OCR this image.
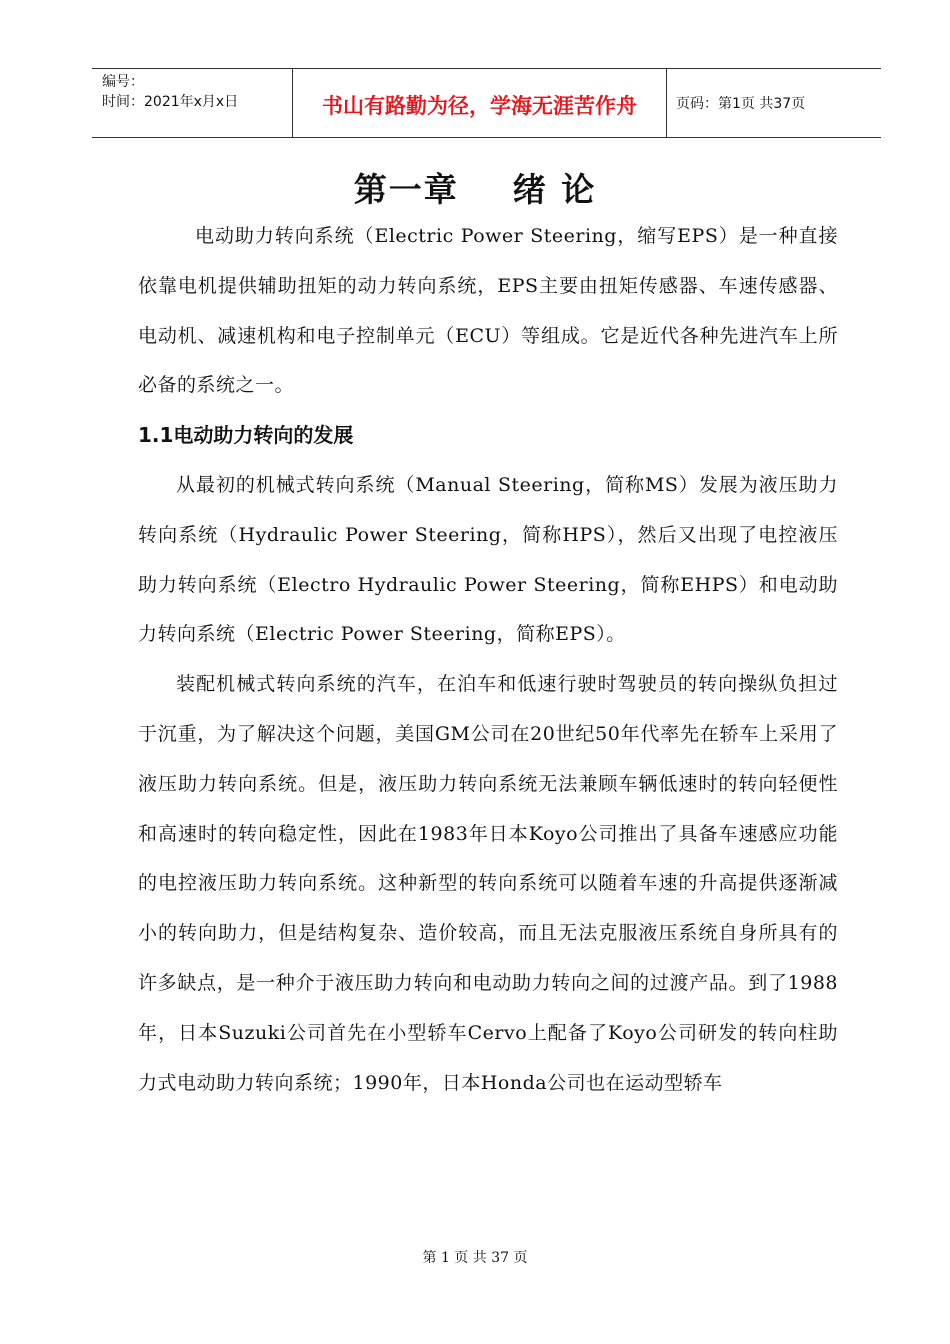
编号：
时间：2021年x月x日	书山有路勤为径，学海无涯苦作舟	页码：第1页 共37页
第一章    绪 论

电动助力转向系统（Electric Power Steering，缩写EPS）是一种直接依靠电机提供辅助扭矩的动力转向系统，EPS主要由扭矩传感器、车速传感器、电动机、减速机构和电子控制单元（ECU）等组成。它是近代各种先进汽车上所必备的系统之一。

1.1电动助力转向的发展

从最初的机械式转向系统（Manual Steering，简称MS）发展为液压助力转向系统（Hydraulic Power Steering，简称HPS），然后又出现了电控液压助力转向系统（Electro Hydraulic Power Steering，简称EHPS）和电动助力转向系统（Electric Power Steering，简称EPS）。

装配机械式转向系统的汽车，在泊车和低速行驶时驾驶员的转向操纵负担过于沉重，为了解决这个问题，美国GM公司在20世纪50年代率先在轿车上采用了液压助力转向系统。但是，液压助力转向系统无法兼顾车辆低速时的转向轻便性和高速时的转向稳定性，因此在1983年日本Koyo公司推出了具备车速感应功能的电控液压助力转向系统。这种新型的转向系统可以随着车速的升高提供逐渐减小的转向助力，但是结构复杂、造价较高，而且无法克服液压系统自身所具有的许多缺点，是一种介于液压助力转向和电动助力转向之间的过渡产品。到了1988年，日本Suzuki公司首先在小型轿车Cervo上配备了Koyo公司研发的转向柱助力式电动助力转向系统；1990年，日本Honda公司也在运动型轿车

第 1 页 共 37 页
